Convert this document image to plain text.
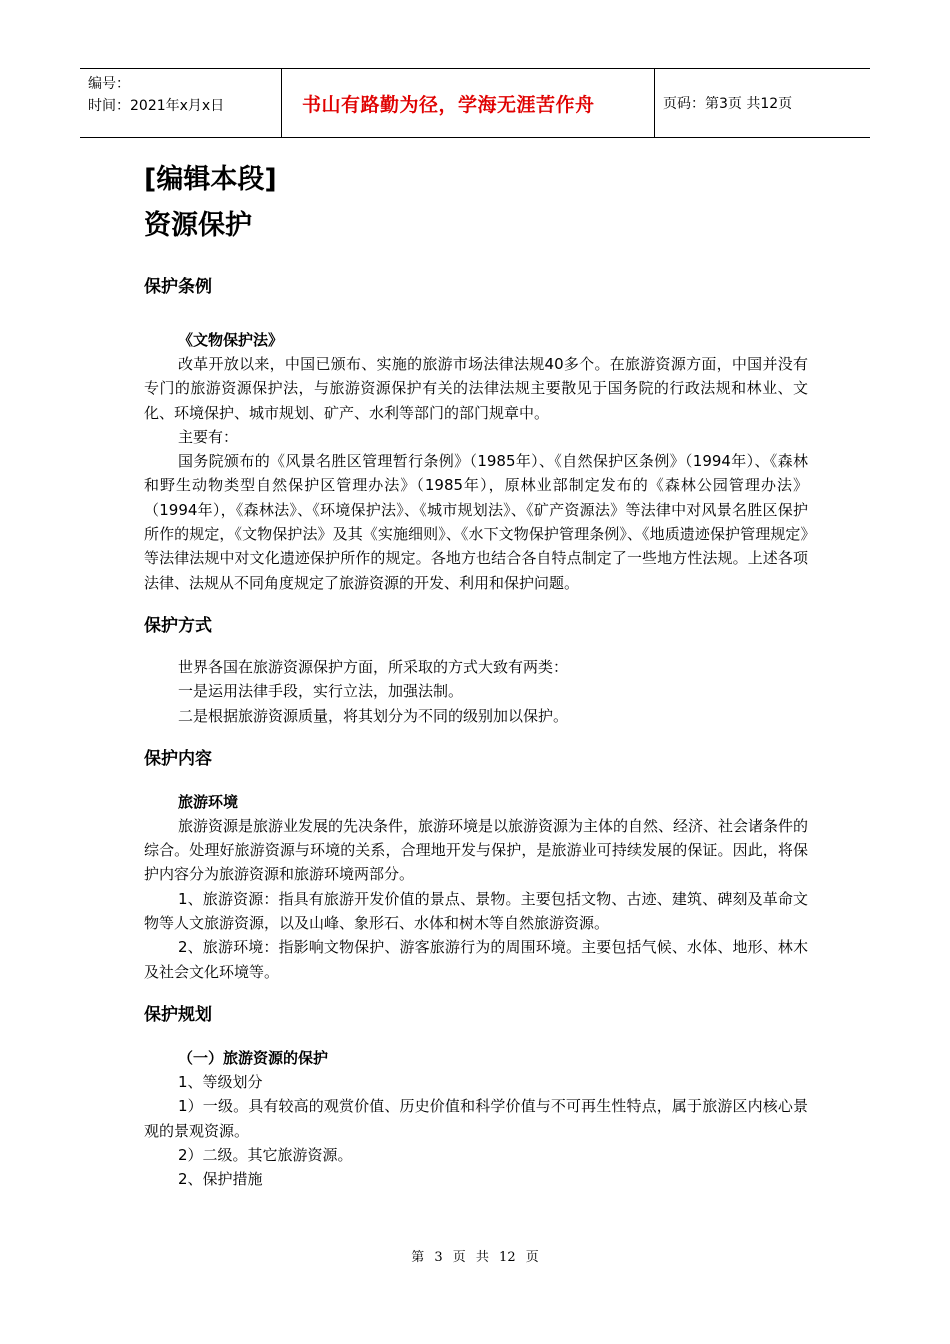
编号：
时间：2021年x月x日	书山有路勤为径，学海无涯苦作舟	页码：第3页 共12页
[编辑本段]
资源保护
保护条例
《文物保护法》

改革开放以来，中国已颁布、实施的旅游市场法律法规40多个。在旅游资源方面，中国并没有专门的旅游资源保护法，与旅游资源保护有关的法律法规主要散见于国务院的行政法规和林业、文化、环境保护、城市规划、矿产、水利等部门的部门规章中。

主要有：

国务院颁布的《风景名胜区管理暂行条例》（1985年）、《自然保护区条例》（1994年）、《森林和野生动物类型自然保护区管理办法》（1985年），原林业部制定发布的《森林公园管理办法》（1994年），《森林法》、《环境保护法》、《城市规划法》、《矿产资源法》等法律中对风景名胜区保护所作的规定，《文物保护法》及其《实施细则》、《水下文物保护管理条例》、《地质遗迹保护管理规定》等法律法规中对文化遗迹保护所作的规定。各地方也结合各自特点制定了一些地方性法规。上述各项法律、法规从不同角度规定了旅游资源的开发、利用和保护问题。

保护方式

世界各国在旅游资源保护方面，所采取的方式大致有两类：

一是运用法律手段，实行立法，加强法制。

二是根据旅游资源质量，将其划分为不同的级别加以保护。

保护内容
旅游环境

旅游资源是旅游业发展的先决条件，旅游环境是以旅游资源为主体的自然、经济、社会诸条件的综合。处理好旅游资源与环境的关系，合理地开发与保护，是旅游业可持续发展的保证。因此，将保护内容分为旅游资源和旅游环境两部分。

1、旅游资源：指具有旅游开发价值的景点、景物。主要包括文物、古迹、建筑、碑刻及革命文物等人文旅游资源，以及山峰、象形石、水体和树木等自然旅游资源。

2、旅游环境：指影响文物保护、游客旅游行为的周围环境。主要包括气候、水体、地形、林木及社会文化环境等。

保护规划
（一）旅游资源的保护

1、等级划分

1）一级。具有较高的观赏价值、历史价值和科学价值与不可再生性特点，属于旅游区内核心景观的景观资源。

2）二级。其它旅游资源。

2、保护措施

第 3 页 共 12 页
